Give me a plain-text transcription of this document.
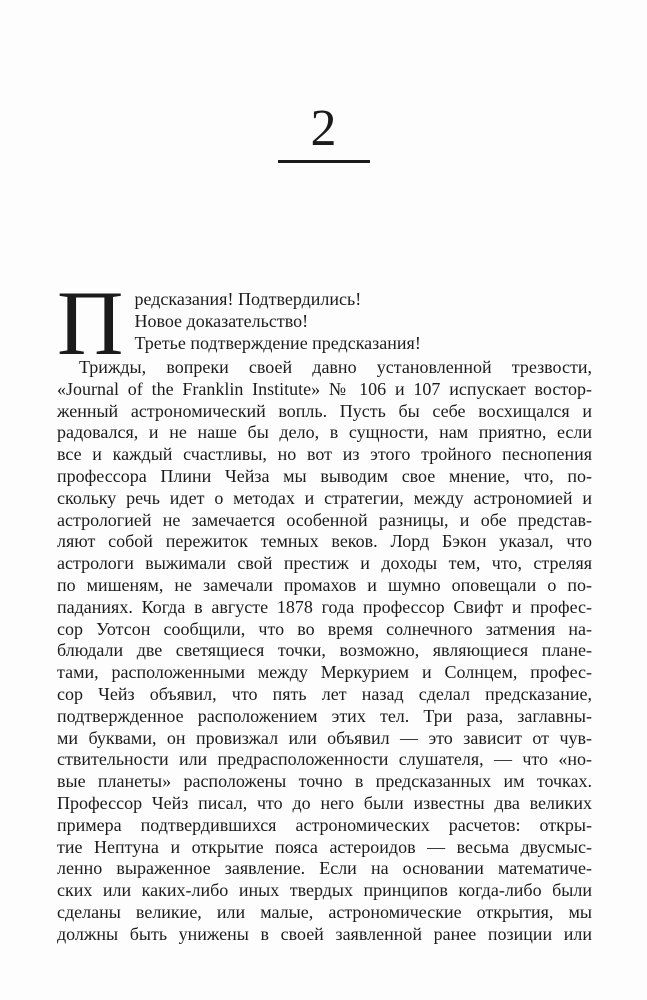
2
П редсказания! Подтвердились!
Новое доказательство!
Третье подтверждение предсказания!
Трижды, вопреки своей давно установленной трезвости,
«Journal of the Franklin Institute» № 106 и 107 испускает востор-
женный астрономический вопль. Пусть бы себе восхищался и
радовался, и не наше бы дело, в сущности, нам приятно, если
все и каждый счастливы, но вот из этого тройного песнопения
профессора Плини Чейза мы выводим свое мнение, что, по-
скольку речь идет о методах и стратегии, между астрономией и
астрологией не замечается особенной разницы, и обе представ-
ляют собой пережиток темных веков. Лорд Бэкон указал, что
астрологи выжимали свой престиж и доходы тем, что, стреляя
по мишеням, не замечали промахов и шумно оповещали о по-
паданиях. Когда в августе 1878 года профессор Свифт и профес-
сор Уотсон сообщили, что во время солнечного затмения на-
блюдали две светящиеся точки, возможно, являющиеся плане-
тами, расположенными между Меркурием и Солнцем, профес-
сор Чейз объявил, что пять лет назад сделал предсказание,
подтвержденное расположением этих тел. Три раза, заглавны-
ми буквами, он провизжал или объявил — это зависит от чув-
ствительности или предрасположенности слушателя, — что «но-
вые планеты» расположены точно в предсказанных им точках.
Профессор Чейз писал, что до него были известны два великих
примера подтвердившихся астрономических расчетов: откры-
тие Нептуна и открытие пояса астероидов — весьма двусмыс-
ленно выраженное заявление. Если на основании математиче-
ских или каких-либо иных твердых принципов когда-либо были
сделаны великие, или малые, астрономические открытия, мы
должны быть унижены в своей заявленной ранее позиции или
